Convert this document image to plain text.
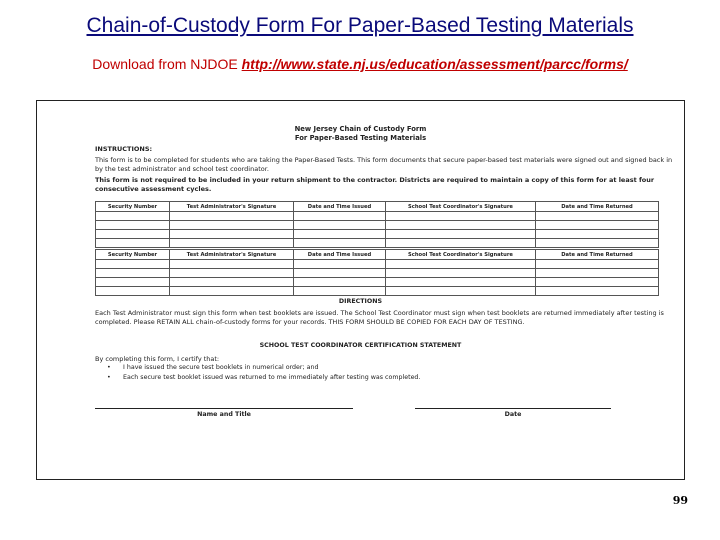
Chain-of-Custody Form For Paper-Based Testing Materials
Download from NJDOE http://www.state.nj.us/education/assessment/parcc/forms/
New Jersey Chain of Custody Form
For Paper-Based Testing Materials
INSTRUCTIONS:
This form is to be completed for students who are taking the Paper-Based Tests. This form documents that secure paper-based test materials were signed out and signed back in by the test administrator and school test coordinator.
This form is not required to be included in your return shipment to the contractor. Districts are required to maintain a copy of this form for at least four consecutive assessment cycles.
Security Number	Test Administrator's Signature	Date and Time Issued	School Test Coordinator's Signature	Date and Time Returned

Security Number	Test Administrator's Signature	Date and Time Issued	School Test Coordinator's Signature	Date and Time Returned

DIRECTIONS
Each Test Administrator must sign this form when test booklets are issued. The School Test Coordinator must sign when test booklets are returned immediately after testing is completed. Please RETAIN ALL chain-of-custody forms for your records. THIS FORM SHOULD BE COPIED FOR EACH DAY OF TESTING.
SCHOOL TEST COORDINATOR CERTIFICATION STATEMENT
By completing this form, I certify that:
• I have issued the secure test booklets in numerical order; and
• Each secure test booklet issued was returned to me immediately after testing was completed.
Name and Title	Date
99
